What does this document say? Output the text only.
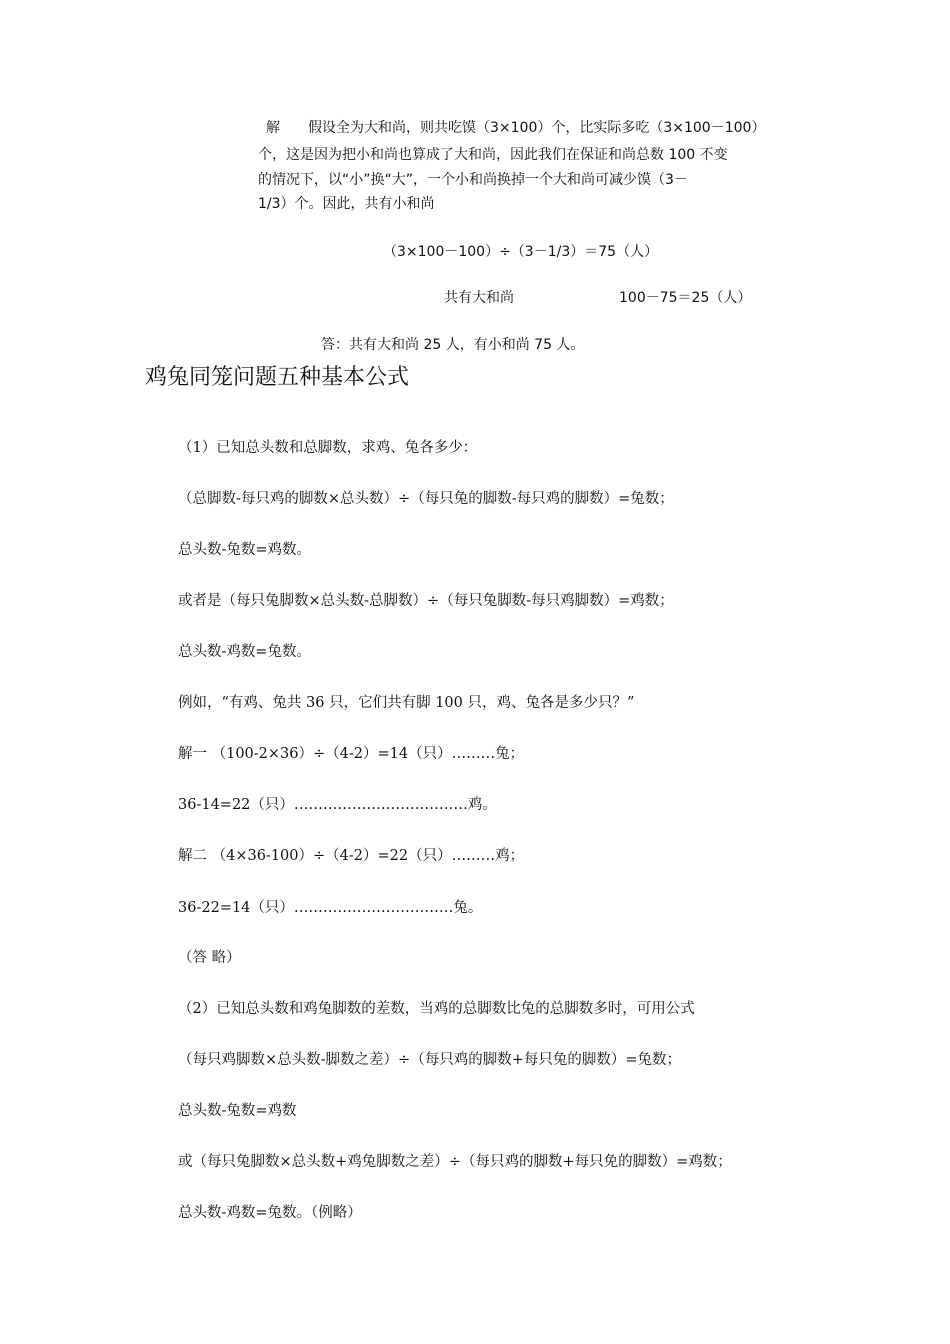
解 假设全为大和尚，则共吃馍（3×100）个，比实际多吃（3×100－100）
个，这是因为把小和尚也算成了大和尚，因此我们在保证和尚总数 100 不变
的情况下，以“小”换“大”，一个小和尚换掉一个大和尚可减少馍（3－
1/3）个。因此，共有小和尚
（3×100－100）÷（3－1/3）＝75（人）
共有大和尚	100－75＝25（人）
答：共有大和尚 25 人，有小和尚 75 人。
鸡兔同笼问题五种基本公式
（1）已知总头数和总脚数，求鸡、兔各多少：
（总脚数-每只鸡的脚数×总头数）÷（每只兔的脚数-每只鸡的脚数）=兔数；
总头数-兔数=鸡数。
或者是（每只兔脚数×总头数-总脚数）÷（每只兔脚数-每只鸡脚数）=鸡数；
总头数-鸡数=兔数。
例如，“有鸡、兔共 36 只，它们共有脚 100 只，鸡、兔各是多少只？”
解一 （100-2×36）÷（4-2）=14（只）………兔；
36-14=22（只）………………………………鸡。
解二 （4×36-100）÷（4-2）=22（只）………鸡；
36-22=14（只）……………………………兔。
（答 略）
（2）已知总头数和鸡兔脚数的差数，当鸡的总脚数比兔的总脚数多时，可用公式
（每只鸡脚数×总头数-脚数之差）÷（每只鸡的脚数+每只兔的脚数）=兔数；
总头数-兔数=鸡数
或（每只兔脚数×总头数+鸡兔脚数之差）÷（每只鸡的脚数+每只免的脚数）=鸡数；
总头数-鸡数=兔数。（例略）
